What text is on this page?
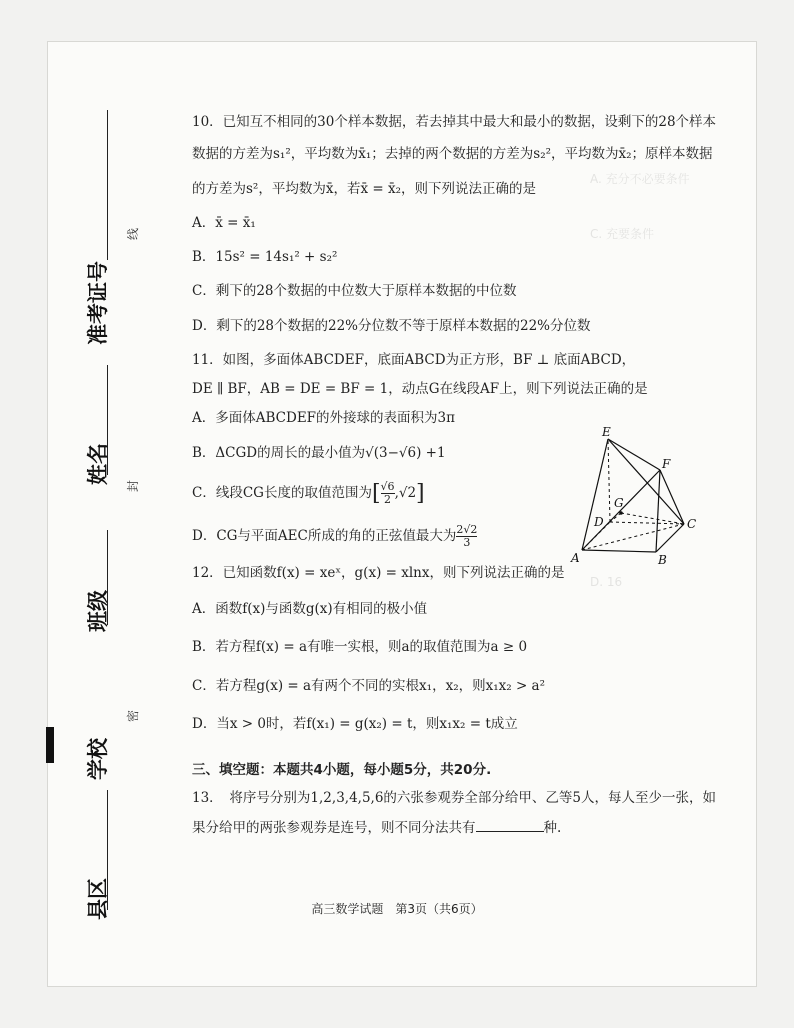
A. 充分不必要条件
C. 充要条件
D. 16
准考证号
姓名
班级
学校
县区
线
封
密
10．已知互不相同的30个样本数据，若去掉其中最大和最小的数据，设剩下的28个样本
数据的方差为s₁²，平均数为x̄₁；去掉的两个数据的方差为s₂²，平均数为x̄₂；原样本数据
的方差为s²，平均数为x̄，若x̄ = x̄₂，则下列说法正确的是
A．x̄ = x̄₁
B．15s² = 14s₁² + s₂²
C．剩下的28个数据的中位数大于原样本数据的中位数
D．剩下的28个数据的22%分位数不等于原样本数据的22%分位数
11．如图，多面体ABCDEF，底面ABCD为正方形，BF ⊥ 底面ABCD，
DE ∥ BF，AB = DE = BF = 1，动点G在线段AF上，则下列说法正确的是
A．多面体ABCDEF的外接球的表面积为3π
B．ΔCGD的周长的最小值为√(3−√6) +1
C．线段CG长度的取值范围为[ $\frac{√6}{2} ,√2$]
D．CG与平面AEC所成的角的正弦值最大为 $\frac{2√2}{3}$
12．已知函数f(x) = xeˣ，g(x) = xlnx，则下列说法正确的是
A．函数f(x)与函数g(x)有相同的极小值
B．若方程f(x) = a有唯一实根，则a的取值范围为a ≥ 0
C．若方程g(x) = a有两个不同的实根x₁，x₂，则x₁x₂ > a²
D．当x > 0时，若f(x₁) = g(x₂) = t，则x₁x₂ = t成立
三、填空题：本题共4小题，每小题5分，共20分.
13．　将序号分别为1,2,3,4,5,6的六张参观券全部分给甲、乙等5人，每人至少一张，如
果分给甲的两张参观券是连号，则不同分法共有	种.
E
F
G
D	C
A	B
高三数学试题　第3页（共6页）
